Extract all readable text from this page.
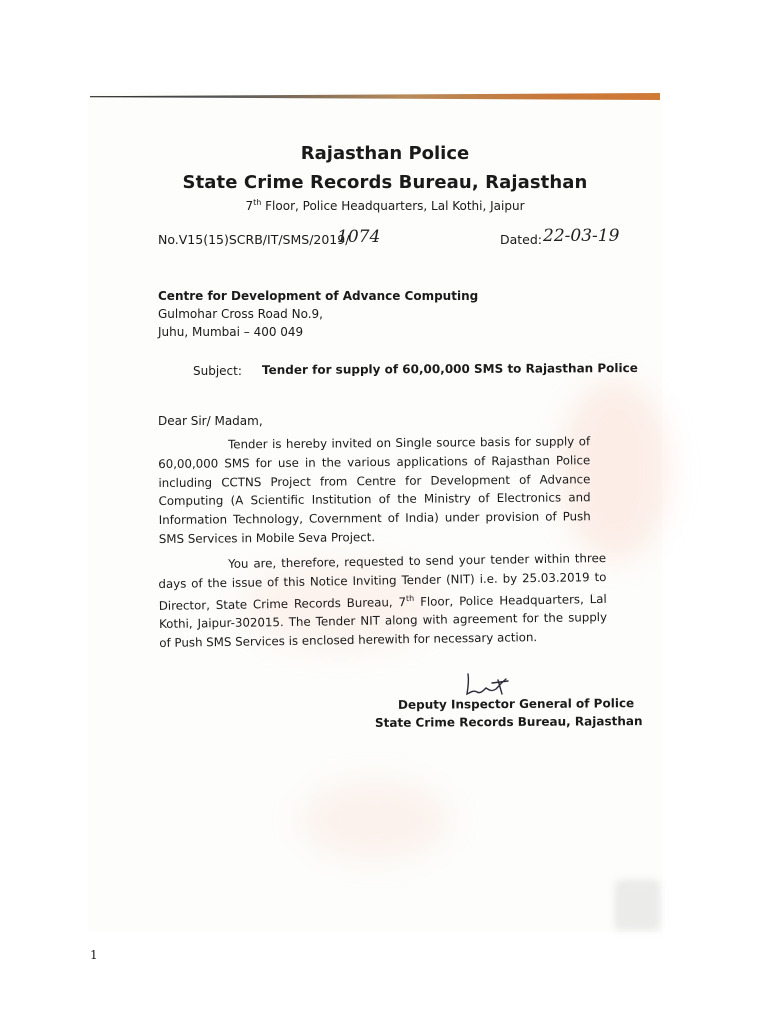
Rajasthan Police
State Crime Records Bureau, Rajasthan
7th Floor, Police Headquarters, Lal Kothi, Jaipur
No.V15(15)SCRB/IT/SMS/2019/
1074	Dated: 22-03-19
Centre for Development of Advance Computing
Gulmohar Cross Road No.9,
Juhu, Mumbai – 400 049
Subject: Tender for supply of 60,00,000 SMS to Rajasthan Police
Dear Sir/ Madam,
Tender is hereby invited on Single source basis for supply of 60,00,000 SMS for use in the various applications of Rajasthan Police including CCTNS Project from Centre for Development of Advance Computing (A Scientific Institution of the Ministry of Electronics and Information Technology, Covernment of India) under provision of Push SMS Services in Mobile Seva Project.
You are, therefore, requested to send your tender within three days of the issue of this Notice Inviting Tender (NIT) i.e. by 25.03.2019 to Director, State Crime Records Bureau, 7th Floor, Police Headquarters, Lal Kothi, Jaipur-302015. The Tender NIT along with agreement for the supply of Push SMS Services is enclosed herewith for necessary action.
Deputy Inspector General of Police
State Crime Records Bureau, Rajasthan
1
